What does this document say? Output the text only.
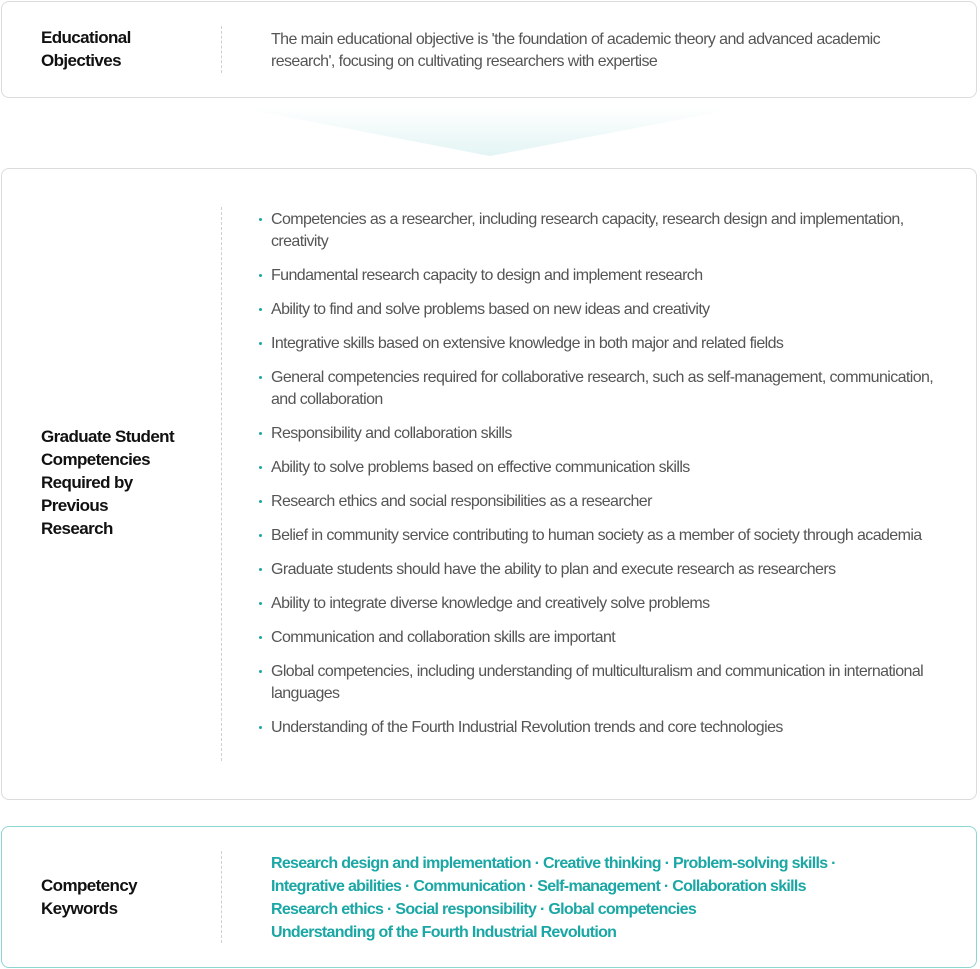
Educational
Objectives
The main educational objective is 'the foundation of academic theory and advanced academic research', focusing on cultivating researchers with expertise
Graduate Student
Competencies
Required by
Previous
Research
Competencies as a researcher, including research capacity, research design and implementation, creativity
Fundamental research capacity to design and implement research
Ability to find and solve problems based on new ideas and creativity
Integrative skills based on extensive knowledge in both major and related fields
General competencies required for collaborative research, such as self-management, communication, and collaboration
Responsibility and collaboration skills
Ability to solve problems based on effective communication skills
Research ethics and social responsibilities as a researcher
Belief in community service contributing to human society as a member of society through academia
Graduate students should have the ability to plan and execute research as researchers
Ability to integrate diverse knowledge and creatively solve problems
Communication and collaboration skills are important
Global competencies, including understanding of multiculturalism and communication in international languages
Understanding of the Fourth Industrial Revolution trends and core technologies
Competency
Keywords
Research design and implementation · Creative thinking · Problem-solving skills ·
Integrative abilities · Communication · Self-management · Collaboration skills
Research ethics · Social responsibility · Global competencies
Understanding of the Fourth Industrial Revolution
